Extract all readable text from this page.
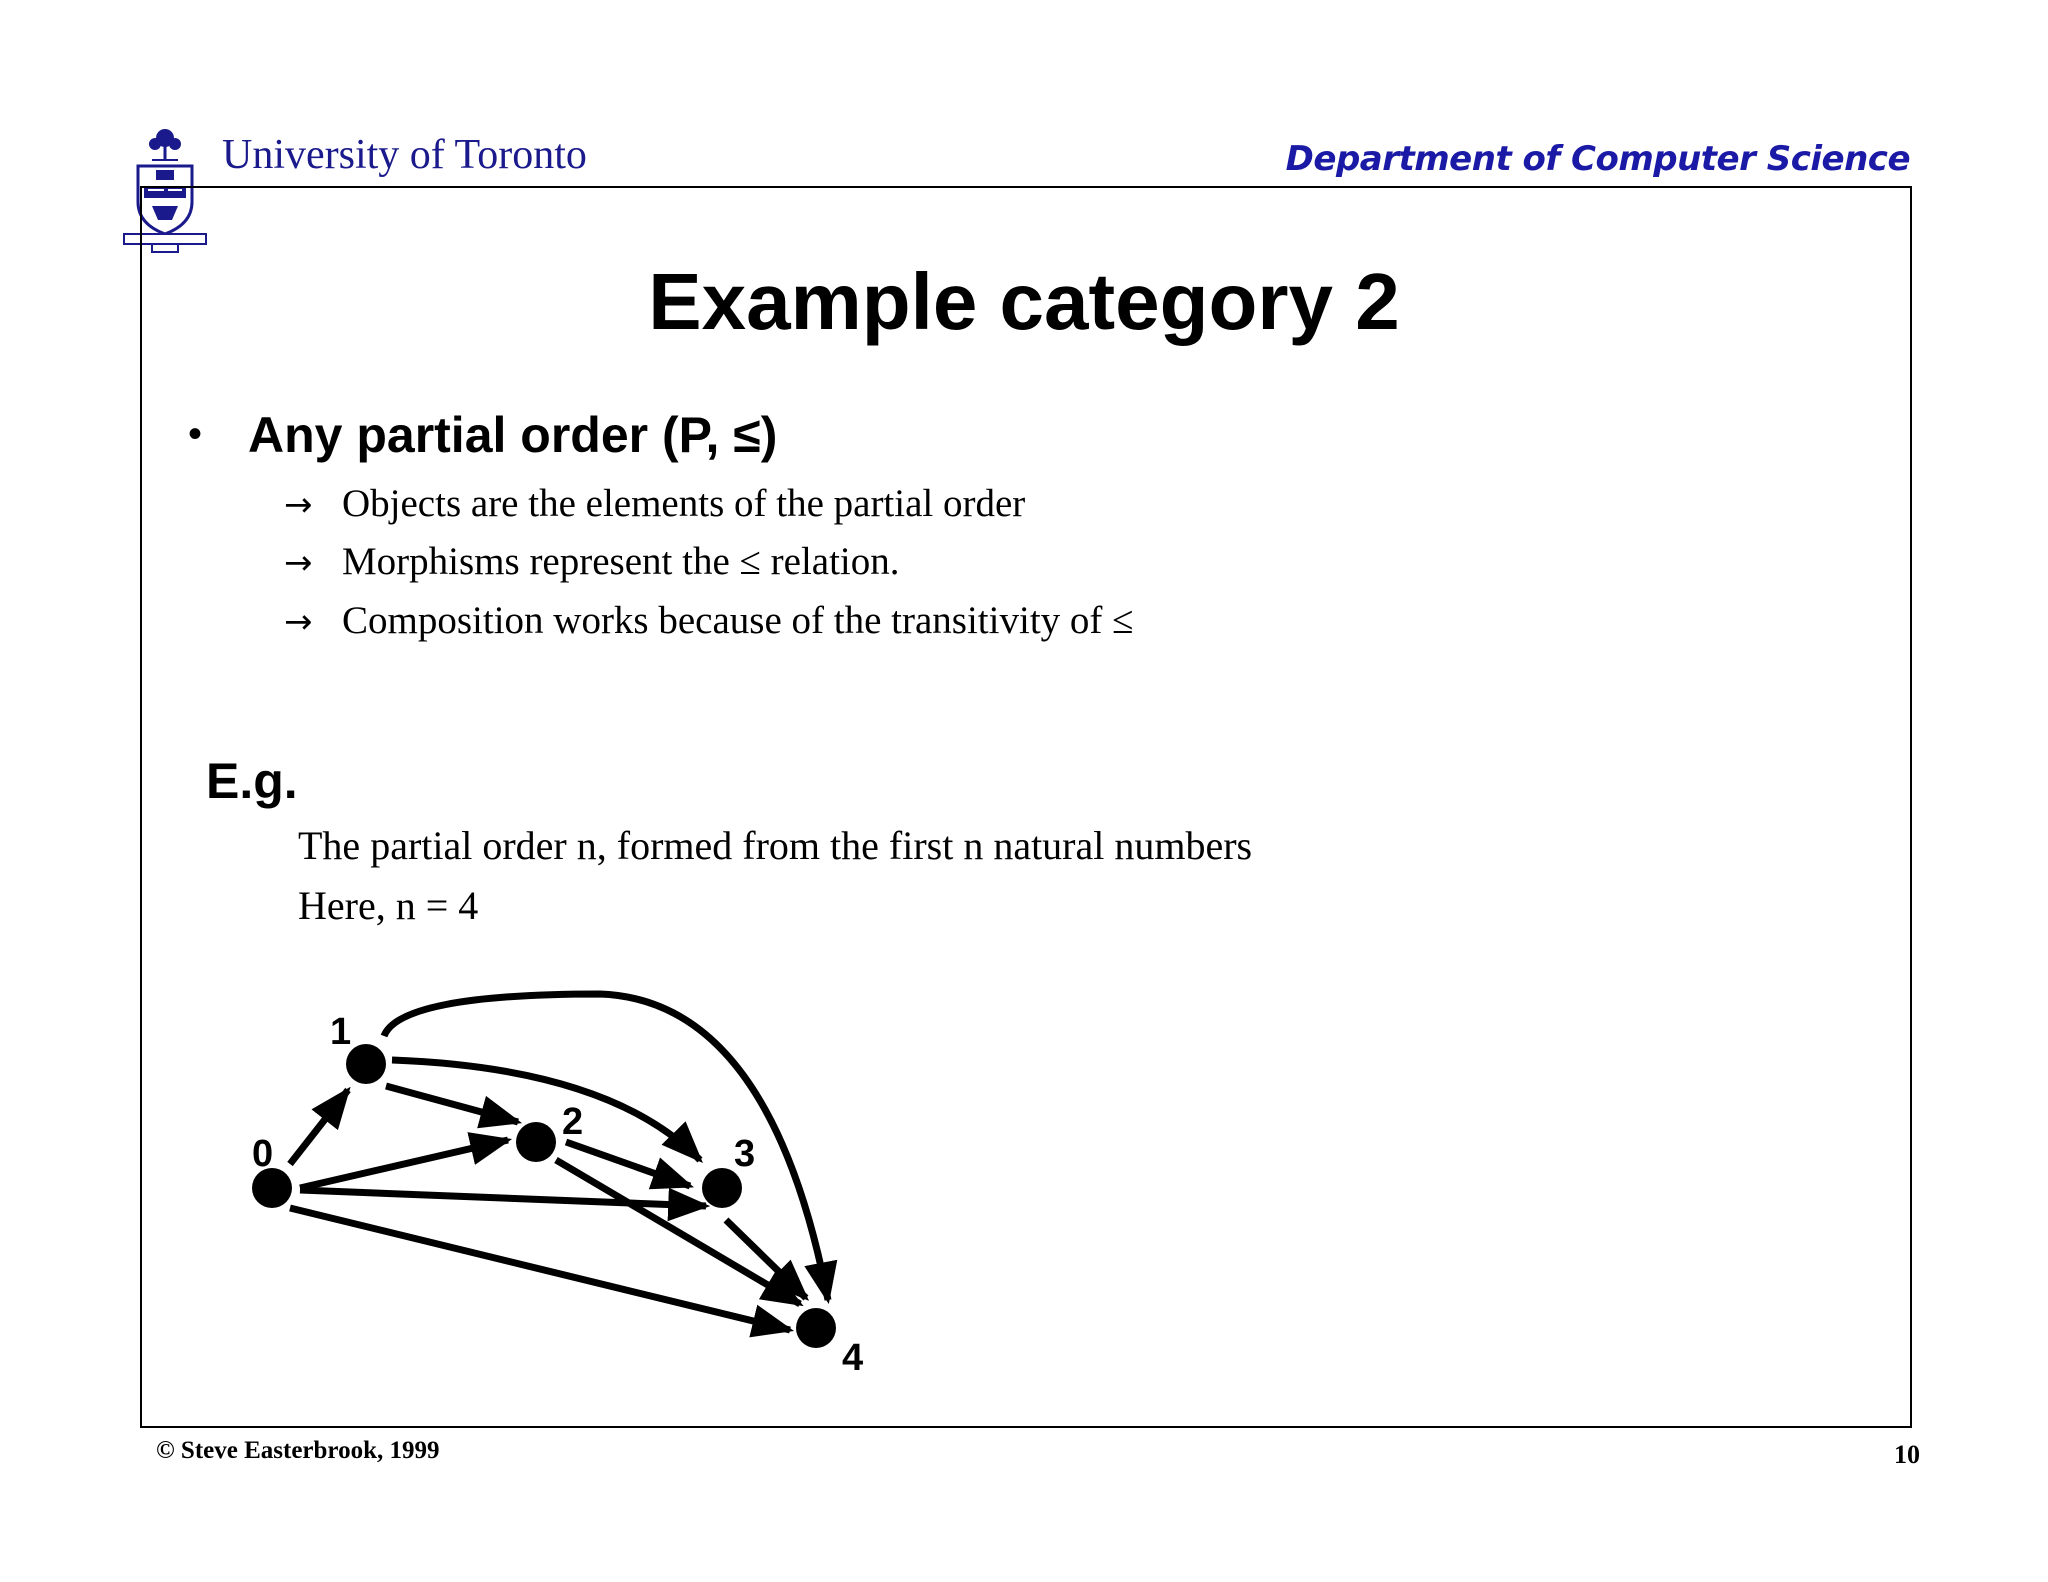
University of Toronto	Department of Computer Science
Example category 2
• Any partial order (P, ≤)
→ Objects are the elements of the partial order
→ Morphisms represent the ≤ relation.
→ Composition works because of the transitivity of ≤
E.g.
The partial order n, formed from the first n natural numbers
Here, n = 4
0
1
2
3
4
© Steve Easterbrook, 1999	10
